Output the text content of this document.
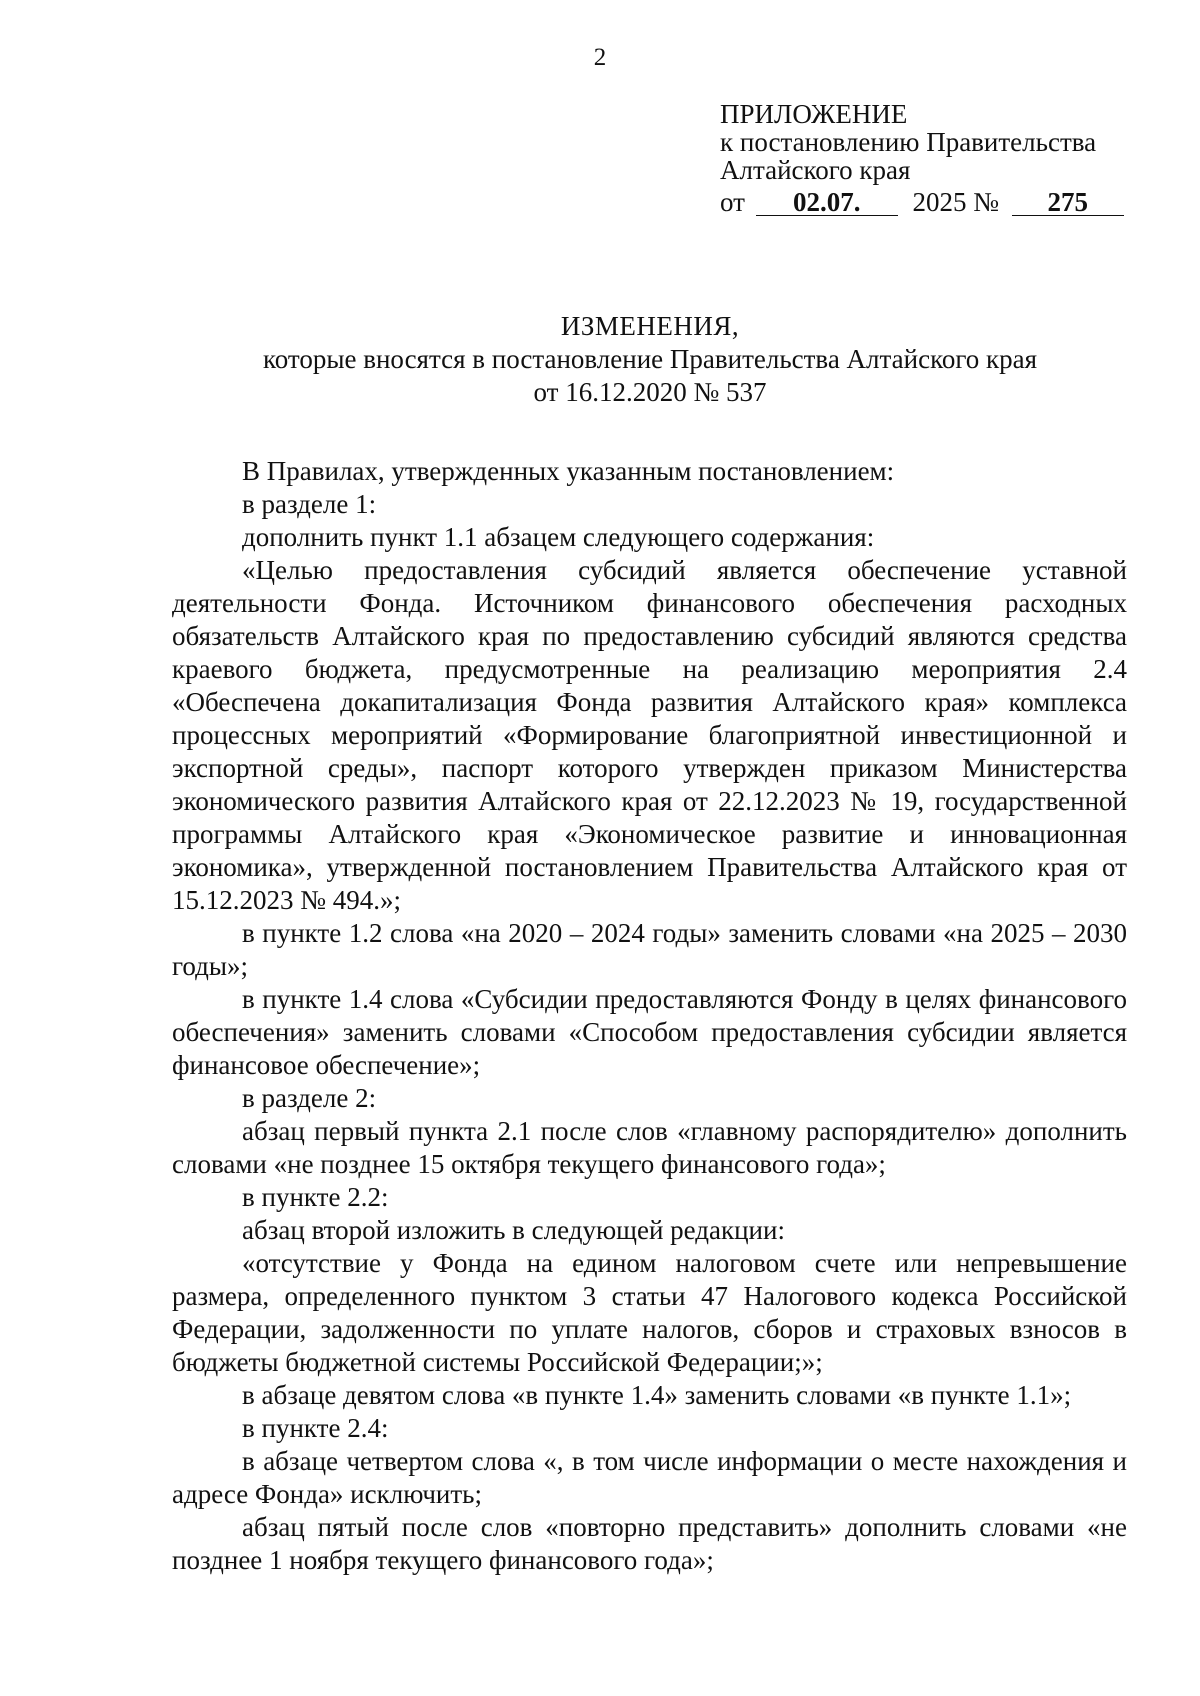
2
ПРИЛОЖЕНИЕ
к постановлению Правительства
Алтайского края
от 02.07. 2025 № 275
ИЗМЕНЕНИЯ,
которые вносятся в постановление Правительства Алтайского края
от 16.12.2020 № 537

В Правилах, утвержденных указанным постановлением:

в разделе 1:

дополнить пункт 1.1 абзацем следующего содержания:

«Целью предоставления субсидий является обеспечение уставной деятельности Фонда. Источником финансового обеспечения расходных обязательств Алтайского края по предоставлению субсидий являются средства краевого бюджета, предусмотренные на реализацию мероприятия 2.4 «Обеспечена докапитализация Фонда развития Алтайского края» комплекса процессных мероприятий «Формирование благоприятной инвестиционной и экспортной среды», паспорт которого утвержден приказом Министерства экономического развития Алтайского края от 22.12.2023 № 19, государственной программы Алтайского края «Экономическое развитие и инновационная экономика», утвержденной постановлением Правительства Алтайского края от 15.12.2023 № 494.»;

в пункте 1.2 слова «на 2020 – 2024 годы» заменить словами «на 2025 – 2030 годы»;

в пункте 1.4 слова «Субсидии предоставляются Фонду в целях финансового обеспечения» заменить словами «Способом предоставления субсидии является финансовое обеспечение»;

в разделе 2:

абзац первый пункта 2.1 после слов «главному распорядителю» дополнить словами «не позднее 15 октября текущего финансового года»;

в пункте 2.2:

абзац второй изложить в следующей редакции:

«отсутствие у Фонда на едином налоговом счете или непревышение размера, определенного пунктом 3 статьи 47 Налогового кодекса Российской Федерации, задолженности по уплате налогов, сборов и страховых взносов в бюджеты бюджетной системы Российской Федерации;»;

в абзаце девятом слова «в пункте 1.4» заменить словами «в пункте 1.1»;

в пункте 2.4:

в абзаце четвертом слова «, в том числе информации о месте нахождения и адресе Фонда» исключить;

абзац пятый после слов «повторно представить» дополнить словами «не позднее 1 ноября текущего финансового года»;
